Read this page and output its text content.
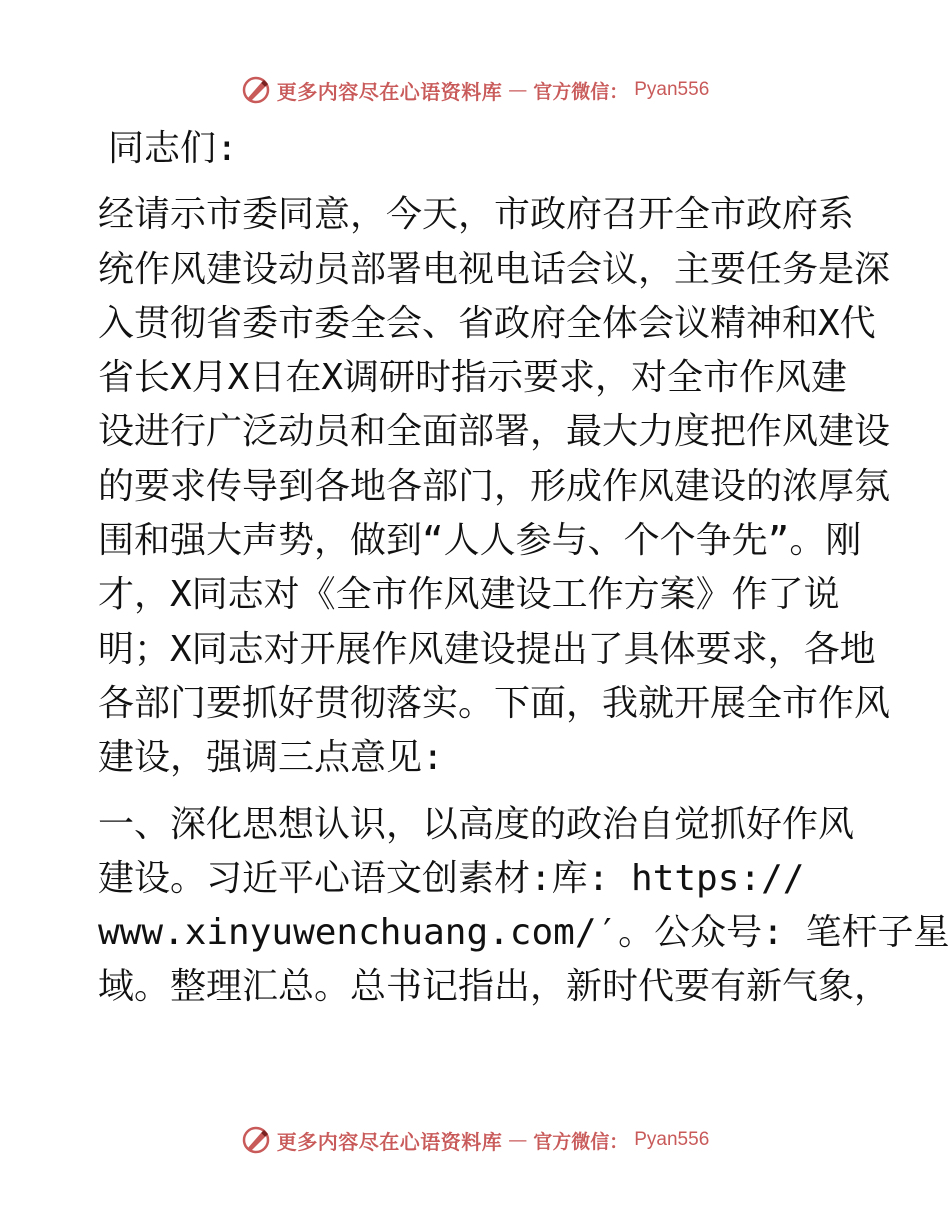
更多内容尽在心语资料库 — 官方微信： Pyan556

同志们:

经请示市委同意，今天，市政府召开全市政府系

统作风建设动员部署电视电话会议，主要任务是深

入贯彻省委市委全会、省政府全体会议精神和X代

省长X月X日在X调研时指示要求，对全市作风建

设进行广泛动员和全面部署，最大力度把作风建设

的要求传导到各地各部门，形成作风建设的浓厚氛

围和强大声势，做到“人人参与、个个争先”。刚

才，X同志对《全市作风建设工作方案》作了说

明；X同志对开展作风建设提出了具体要求，各地

各部门要抓好贯彻落实。下面，我就开展全市作风

建设，强调三点意见:

一、深化思想认识，以高度的政治自觉抓好作风

建设。习近平心语文创素材:库: https://

www.xinyuwenchuang.com/′。公众号: 笔杆子星

域。整理汇总。总书记指出，新时代要有新气象，

更多内容尽在心语资料库 — 官方微信： Pyan556
